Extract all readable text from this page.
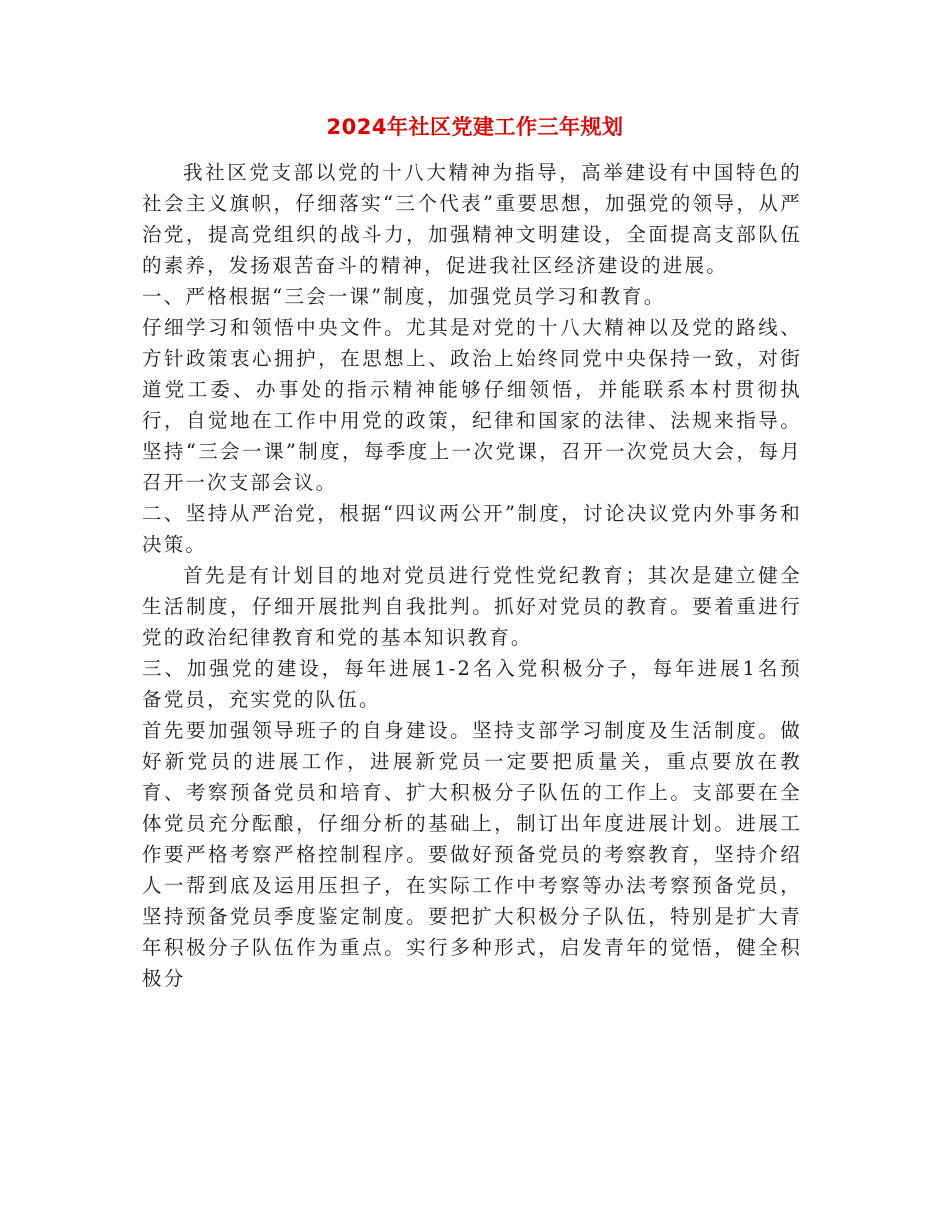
2024年社区党建工作三年规划

我社区党支部以党的十八大精神为指导，高举建设有中国特色的社会主义旗帜，仔细落实“三个代表”重要思想，加强党的领导，从严治党，提高党组织的战斗力，加强精神文明建设，全面提高支部队伍的素养，发扬艰苦奋斗的精神，促进我社区经济建设的进展。

一、严格根据“三会一课”制度，加强党员学习和教育。

仔细学习和领悟中央文件。尤其是对党的十八大精神以及党的路线、方针政策衷心拥护，在思想上、政治上始终同党中央保持一致，对街道党工委、办事处的指示精神能够仔细领悟，并能联系本村贯彻执行，自觉地在工作中用党的政策，纪律和国家的法律、法规来指导。坚持“三会一课”制度，每季度上一次党课，召开一次党员大会，每月召开一次支部会议。

二、坚持从严治党，根据“四议两公开”制度，讨论决议党内外事务和决策。

首先是有计划目的地对党员进行党性党纪教育；其次是建立健全生活制度，仔细开展批判自我批判。抓好对党员的教育。要着重进行党的政治纪律教育和党的基本知识教育。

三、加强党的建设，每年进展1-2名入党积极分子，每年进展1名预备党员，充实党的队伍。

首先要加强领导班子的自身建设。坚持支部学习制度及生活制度。做好新党员的进展工作，进展新党员一定要把质量关，重点要放在教育、考察预备党员和培育、扩大积极分子队伍的工作上。支部要在全体党员充分酝酿，仔细分析的基础上，制订出年度进展计划。进展工作要严格考察严格控制程序。要做好预备党员的考察教育，坚持介绍人一帮到底及运用压担子，在实际工作中考察等办法考察预备党员，坚持预备党员季度鉴定制度。要把扩大积极分子队伍，特别是扩大青年积极分子队伍作为重点。实行多种形式，启发青年的觉悟，健全积极分
